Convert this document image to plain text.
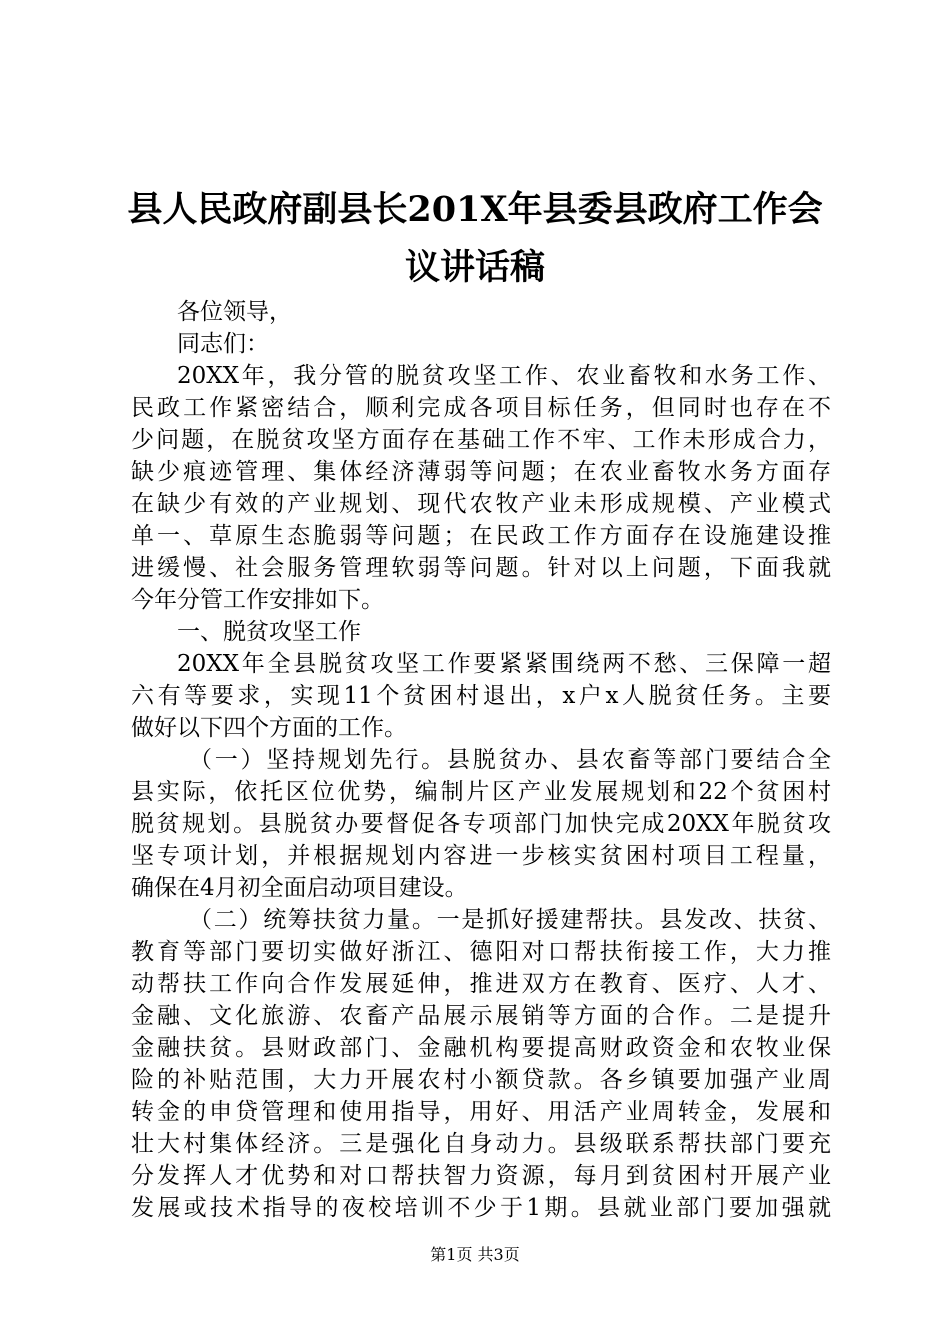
县人民政府副县长201X年县委县政府工作会
议讲话稿
各位领导，
同志们：
20XX年，我分管的脱贫攻坚工作、农业畜牧和水务工作、
民政工作紧密结合，顺利完成各项目标任务，但同时也存在不
少问题，在脱贫攻坚方面存在基础工作不牢、工作未形成合力，
缺少痕迹管理、集体经济薄弱等问题；在农业畜牧水务方面存
在缺少有效的产业规划、现代农牧产业未形成规模、产业模式
单一、草原生态脆弱等问题；在民政工作方面存在设施建设推
进缓慢、社会服务管理软弱等问题。针对以上问题，下面我就
今年分管工作安排如下。
一、脱贫攻坚工作
20XX年全县脱贫攻坚工作要紧紧围绕两不愁、三保障一超
六有等要求，实现11个贫困村退出，x户x人脱贫任务。主要
做好以下四个方面的工作。
（一）坚持规划先行。县脱贫办、县农畜等部门要结合全
县实际，依托区位优势，编制片区产业发展规划和22个贫困村
脱贫规划。县脱贫办要督促各专项部门加快完成20XX年脱贫攻
坚专项计划，并根据规划内容进一步核实贫困村项目工程量，
确保在4月初全面启动项目建设。
（二）统筹扶贫力量。一是抓好援建帮扶。县发改、扶贫、
教育等部门要切实做好浙江、德阳对口帮扶衔接工作，大力推
动帮扶工作向合作发展延伸，推进双方在教育、医疗、人才、
金融、文化旅游、农畜产品展示展销等方面的合作。二是提升
金融扶贫。县财政部门、金融机构要提高财政资金和农牧业保
险的补贴范围，大力开展农村小额贷款。各乡镇要加强产业周
转金的申贷管理和使用指导，用好、用活产业周转金，发展和
壮大村集体经济。三是强化自身动力。县级联系帮扶部门要充
分发挥人才优势和对口帮扶智力资源，每月到贫困村开展产业
发展或技术指导的夜校培训不少于1期。县就业部门要加强就
第1页 共3页
